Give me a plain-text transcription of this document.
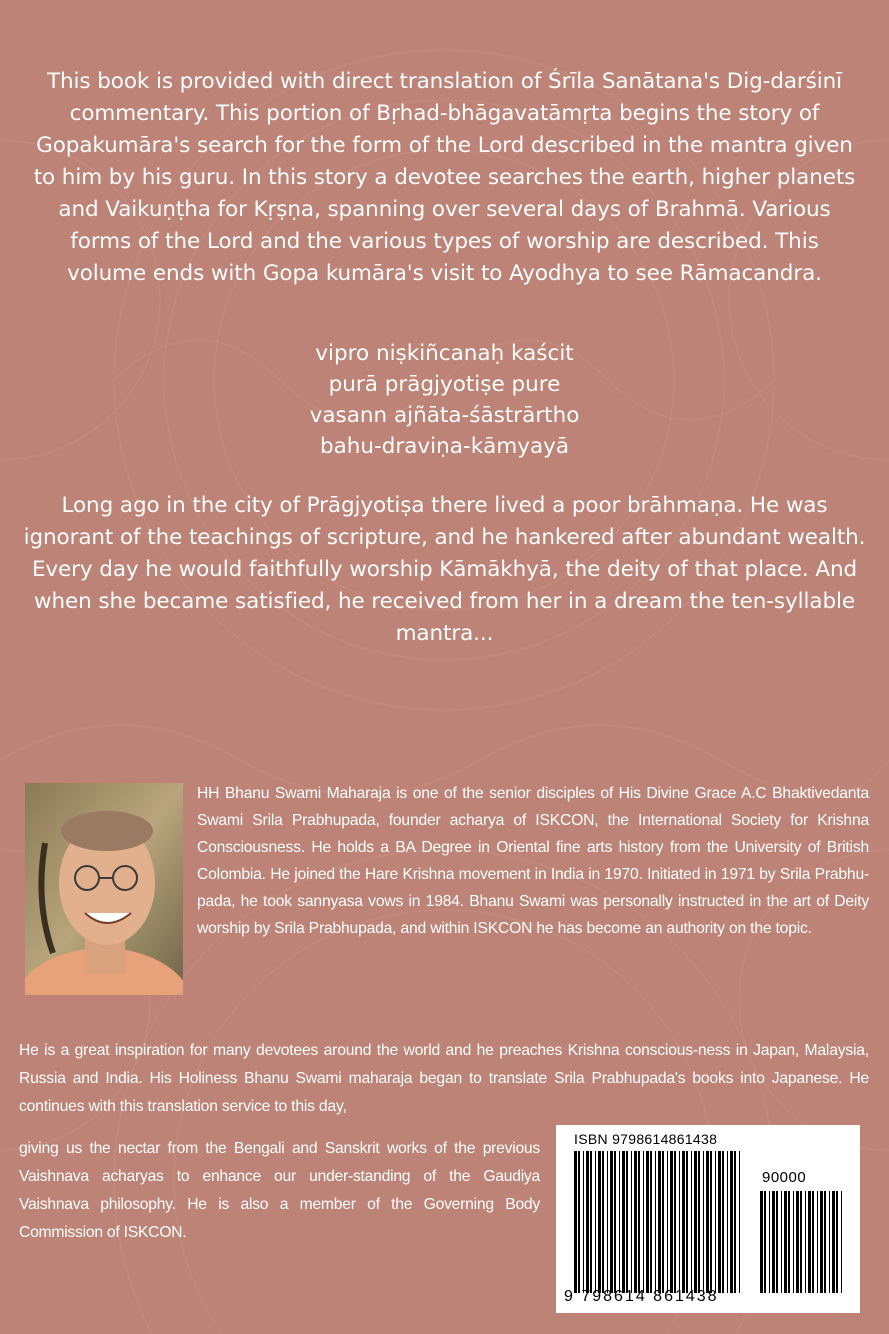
This book is provided with direct translation of Śrīla Sanātana's Dig-darśinī commentary. This portion of Bṛhad-bhāgavatāmṛta begins the story of Gopakumāra's search for the form of the Lord described in the mantra given to him by his guru. In this story a devotee searches the earth, higher planets and Vaikuṇṭha for Kṛṣṇa, spanning over several days of Brahmā. Various forms of the Lord and the various types of worship are described. This volume ends with Gopa kumāra's visit to Ayodhya to see Rāmacandra.

vipro niṣkiñcanaḥ kaścit
purā prāgjyotiṣe pure
vasann ajñāta-śāstrārtho
bahu-draviṇa-kāmyayā

Long ago in the city of Prāgjyotiṣa there lived a poor brāhmaṇa. He was ignorant of the teachings of scripture, and he hankered after abundant wealth. Every day he would faithfully worship Kāmākhyā, the deity of that place. And when she became satisfied, he received from her in a dream the ten-syllable mantra...

HH Bhanu Swami Maharaja is one of the senior disciples of His Divine Grace A.C Bhaktivedanta Swami Srila Prabhupada, founder acharya of ISKCON, the International Society for Krishna Consciousness. He holds a BA Degree in Oriental fine arts history from the University of British Colombia. He joined the Hare Krishna movement in India in 1970. Initiated in 1971 by Srila Prabhu-pada, he took sannyasa vows in 1984. Bhanu Swami was personally instructed in the art of Deity worship by Srila Prabhupada, and within ISKCON he has become an authority on the topic.

He is a great inspiration for many devotees around the world and he preaches Krishna conscious-ness in Japan, Malaysia, Russia and India. His Holiness Bhanu Swami maharaja began to translate Srila Prabhupada's books into Japanese. He continues with this translation service to this day,

giving us the nectar from the Bengali and Sanskrit works of the previous Vaishnava acharyas to enhance our under-standing of the Gaudiya Vaishnava philosophy. He is also a member of the Governing Body Commission of ISKCON.

ISBN 9798614861438
90000
9 798614 861438
